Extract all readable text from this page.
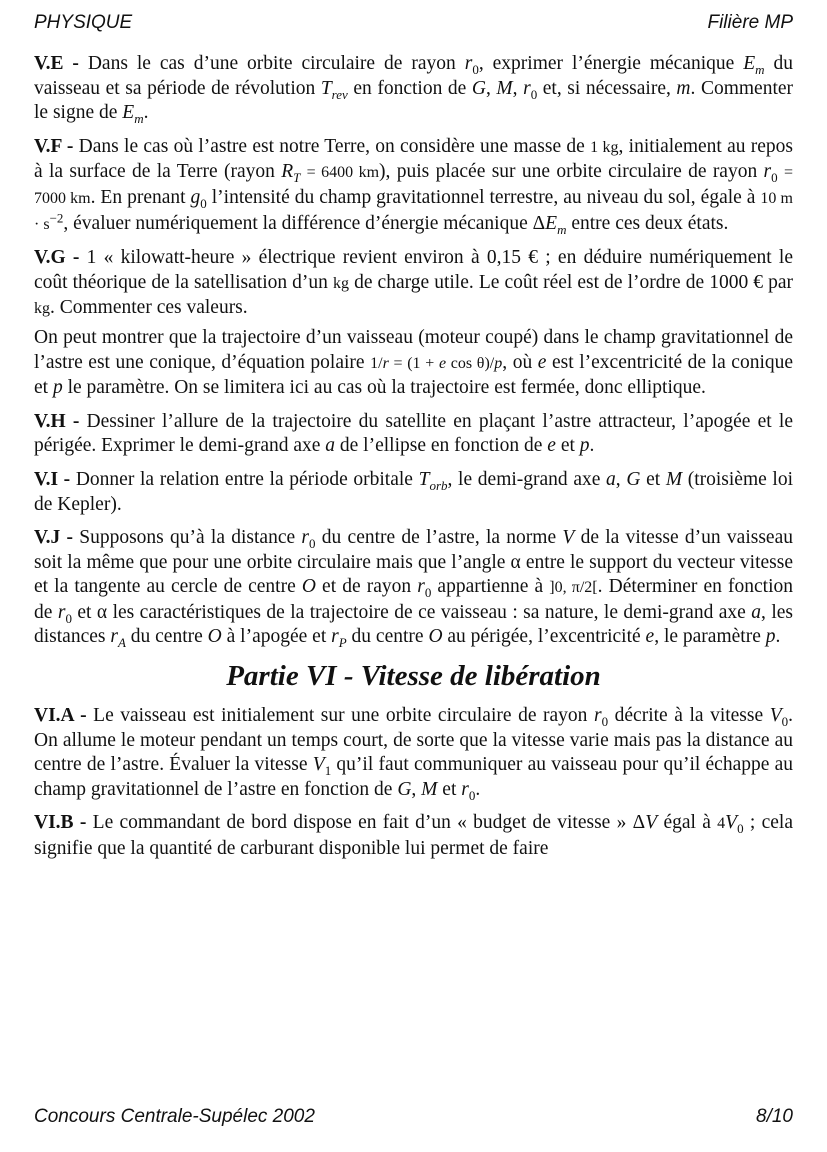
PHYSIQUE	Filière MP

V.E - Dans le cas d’une orbite circulaire de rayon $r_0$, exprimer l’énergie mécanique $E_m$ du vaisseau et sa période de révolution $T_{rev}$ en fonction de G, M, $r_0$ et, si nécessaire, m. Commenter le signe de $E_m$.

V.F - Dans le cas où l’astre est notre Terre, on considère une masse de 1 kg, initialement au repos à la surface de la Terre (rayon $R_T = 6400$ km), puis placée sur une orbite circulaire de rayon $r_0 = 7000$ km. En prenant $g_0$ l’intensité du champ gravitationnel terrestre, au niveau du sol, égale à 10 $m \cdot s^{-2}$, évaluer numériquement la différence d’énergie mécanique $\Delta E_m$ entre ces deux états.

V.G - 1 « kilowatt-heure » électrique revient environ à 0,15 € ; en déduire numériquement le coût théorique de la satellisation d’un kg de charge utile. Le coût réel est de l’ordre de 1000 € par kg. Commenter ces valeurs.

On peut montrer que la trajectoire d’un vaisseau (moteur coupé) dans le champ gravitationnel de l’astre est une conique, d’équation polaire 1/r = (1 + e cos θ)/p, où e est l’excentricité de la conique et p le paramètre. On se limitera ici au cas où la trajectoire est fermée, donc elliptique.

V.H - Dessiner l’allure de la trajectoire du satellite en plaçant l’astre attracteur, l’apogée et le périgée. Exprimer le demi-grand axe a de l’ellipse en fonction de e et p.

V.I - Donner la relation entre la période orbitale $T_{orb}$, le demi-grand axe a, G et M (troisième loi de Kepler).

V.J - Supposons qu’à la distance $r_0$ du centre de l’astre, la norme V de la vitesse d’un vaisseau soit la même que pour une orbite circulaire mais que l’angle α entre le support du vecteur vitesse et la tangente au cercle de centre O et de rayon $r_0$ appartienne à ]0, π/2[. Déterminer en fonction de $r_0$ et α les caractéristiques de la trajectoire de ce vaisseau : sa nature, le demi-grand axe a, les distances $r_A$ du centre O à l’apogée et $r_P$ du centre O au périgée, l’excentricité e, le paramètre p.

Partie VI - Vitesse de libération

VI.A - Le vaisseau est initialement sur une orbite circulaire de rayon $r_0$ décrite à la vitesse $V_0$. On allume le moteur pendant un temps court, de sorte que la vitesse varie mais pas la distance au centre de l’astre. Évaluer la vitesse $V_1$ qu’il faut communiquer au vaisseau pour qu’il échappe au champ gravitationnel de l’astre en fonction de G, M et $r_0$.

VI.B - Le commandant de bord dispose en fait d’un « budget de vitesse » ΔV égal à $4V_0$ ; cela signifie que la quantité de carburant disponible lui permet de faire

Concours Centrale-Supélec 2002	8/10
